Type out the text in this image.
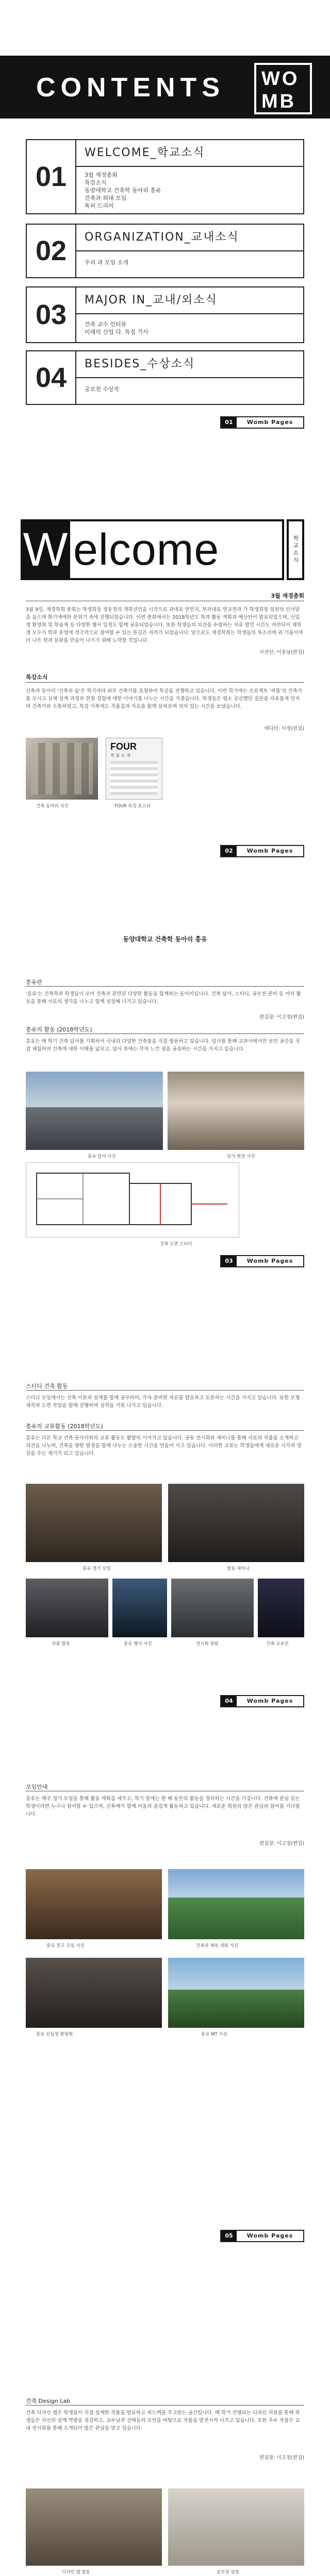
CONTENTS WO
MB
01
WELCOME_학교소식
3월 재경총회
특강소식
동양대학교 건축학 동아리 흥유
건축과 외대 모임
톡퍼 드리미
02	ORGANIZATION_교내소식
우리 과 모임 소개
03	MAJOR IN_교내/외소식
건축 교수 인터뷰
미래의 산업 다. 특집 기사
04	BESIDES_수상소식
공모전 수상작
01	Womb Pages
W elcome	학교소식
3월 재경총회
3월 9일, 재경학회 총회는 학생회장 정윤정의 개회선언을 시작으로 과대표 연민지, 부과대표 연교현과 각 학생회장 임원의 인사말을 들으며 화기애애한 분위기 속에 진행되었습니다. 이번 총회에서는 2018학년도 학과 활동 계획과 예산안이 발표되었으며, 신입생 환영회 및 학술제 등 다양한 행사 일정도 함께 공유되었습니다. 또한 학생들의 의견을 수렴하는 자유 발언 시간도 마련되어 재학생 모두가 학과 운영에 적극적으로 참여할 수 있는 뜻깊은 자리가 되었습니다. 앞으로도 재경학회는 학생들의 목소리에 귀 기울이며 더 나은 학과 문화를 만들어 나가기 위해 노력할 것입니다.
사진인: 이송남(편집)
특강소식
건축과 동아리 '건축의 숲'은 학기마다 외부 건축가를 초청하여 특강을 진행하고 있습니다. 이번 학기에는 프로젝트 '퍼플'의 건축가를 모시고 실제 설계 과정과 현장 경험에 대한 이야기를 나누는 시간을 가졌습니다. 학생들은 평소 궁금했던 질문을 자유롭게 던지며 건축가와 소통하였고, 특강 이후에도 작품집과 자료를 함께 살펴보며 의미 있는 시간을 보냈습니다.
에디터: 이정(편집)
건축 동아리 사진
FOUR
작 품 소 개
FOUR 특강 포스터
02	Womb Pages
동양대학교 건축학 동아리 흥유
흥유란
'흥유'는 건축학과 학생들이 모여 건축과 관련된 다양한 활동을 함께하는 동아리입니다. 건축 답사, 스터디, 공모전 준비 등 여러 활동을 통해 서로의 생각을 나누고 함께 성장해 나가고 있습니다.
편집장: 이고정(편집)
흥유의 활동 (2018학년도)
흥유는 매 학기 건축 답사를 기획하여 국내의 다양한 건축물을 직접 방문하고 있습니다. 답사를 통해 교과서에서만 보던 공간을 직접 체험하며 건축에 대한 이해를 넓히고, 답사 후에는 각자 느낀 점을 공유하는 시간을 가지고 있습니다.
흥유 답사 사진	답사 현장 사진
건축 도면 스터디
03	Womb Pages
스터디 건축 활동
스터디 모임에서는 건축 이론과 설계를 함께 공부하며, 각자 준비한 자료를 발표하고 토론하는 시간을 가지고 있습니다. 또한 모형 제작과 도면 작업을 함께 진행하며 실력을 키워 나가고 있습니다.
흥유의 교류활동 (2018학년도)
흥유는 다른 학교 건축 동아리와의 교류 활동도 활발히 이어가고 있습니다. 공동 전시회와 세미나를 통해 서로의 작품을 소개하고 의견을 나누며, 건축을 향한 열정을 함께 나누는 소중한 시간을 만들어 가고 있습니다. 이러한 교류는 학생들에게 새로운 시각과 영감을 주는 계기가 되고 있습니다.
흥유 정기 모임	합동 세미나
작품 발표	흥유 행사 사진	전시회 관람	건축 교류전
04	Womb Pages
모임안내
흥유는 매주 정기 모임을 통해 활동 계획을 세우고, 학기 말에는 한 해 동안의 활동을 정리하는 시간을 가집니다. 건축에 관심 있는 학생이라면 누구나 참여할 수 있으며, 선후배가 함께 어울려 즐겁게 활동하고 있습니다. 새로운 회원의 많은 관심과 참여를 기다립니다.
편집장: 이고정(편집)
흥유 친구 모임 사진	건축과 체육 대회 사진
흥유 신입생 환영회	흥유 MT 사진
05	Womb Pages
건축 Design Lab
건축 디자인 랩은 학생들이 직접 설계한 작품을 발표하고 피드백을 주고받는 공간입니다. 매 학기 진행되는 디자인 리뷰를 통해 학생들은 자신의 설계 역량을 점검하고, 교수님과 선배들의 조언을 바탕으로 작품을 발전시켜 나가고 있습니다. 또한 우수 작품은 교내 전시회를 통해 소개되어 많은 관심을 받고 있습니다.
편집장: 이고정(편집)
디자인 랩 발표	공모전 상장
